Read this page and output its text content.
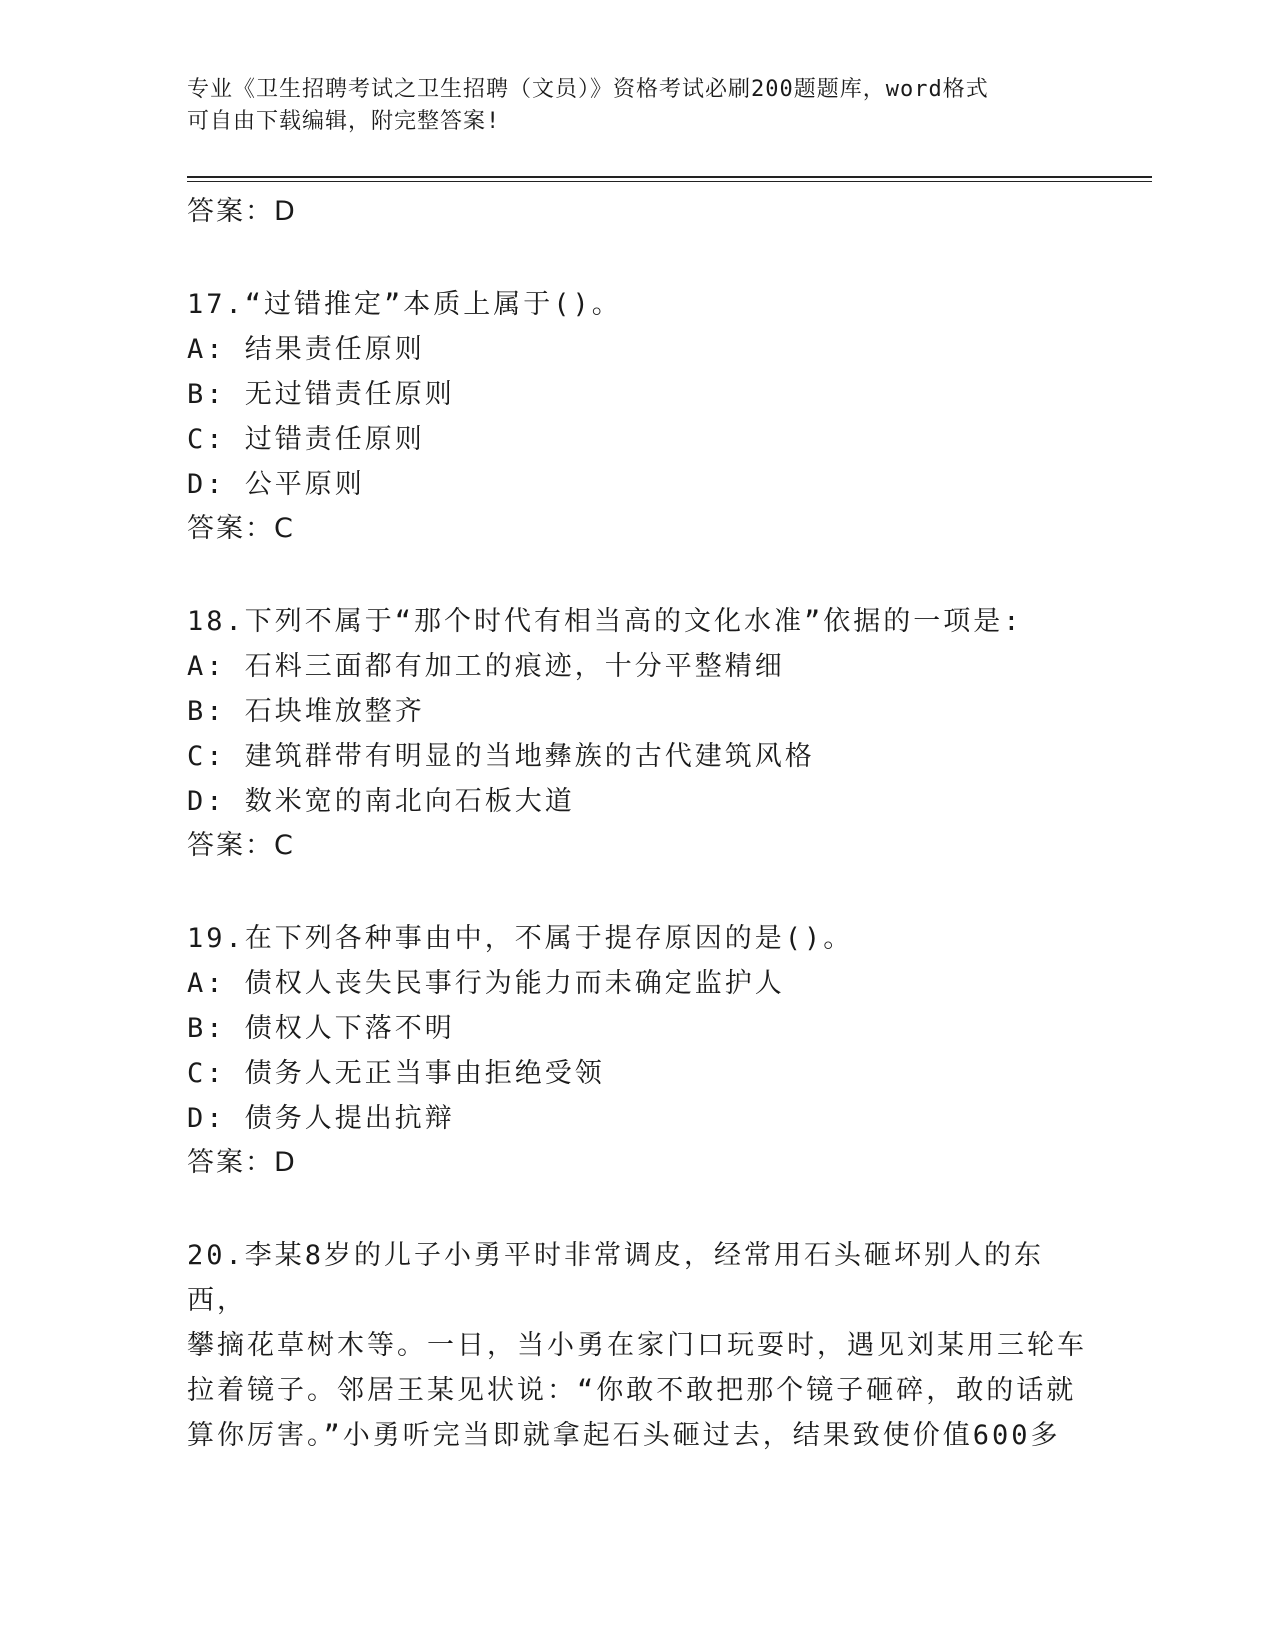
专业《卫生招聘考试之卫生招聘（文员）》资格考试必刷200题题库，word格式
可自由下载编辑，附完整答案!
答案：D
17.“过错推定”本质上属于()。
A: 结果责任原则
B: 无过错责任原则
C: 过错责任原则
D: 公平原则
答案：C
18.下列不属于“那个时代有相当高的文化水准”依据的一项是:
A: 石料三面都有加工的痕迹，十分平整精细
B: 石块堆放整齐
C: 建筑群带有明显的当地彝族的古代建筑风格
D: 数米宽的南北向石板大道
答案：C
19.在下列各种事由中，不属于提存原因的是()。
A: 债权人丧失民事行为能力而未确定监护人
B: 债权人下落不明
C: 债务人无正当事由拒绝受领
D: 债务人提出抗辩
答案：D
20.李某8岁的儿子小勇平时非常调皮，经常用石头砸坏别人的东西，
攀摘花草树木等。一日，当小勇在家门口玩耍时，遇见刘某用三轮车
拉着镜子。邻居王某见状说：“你敢不敢把那个镜子砸碎，敢的话就
算你厉害。”小勇听完当即就拿起石头砸过去，结果致使价值600多
